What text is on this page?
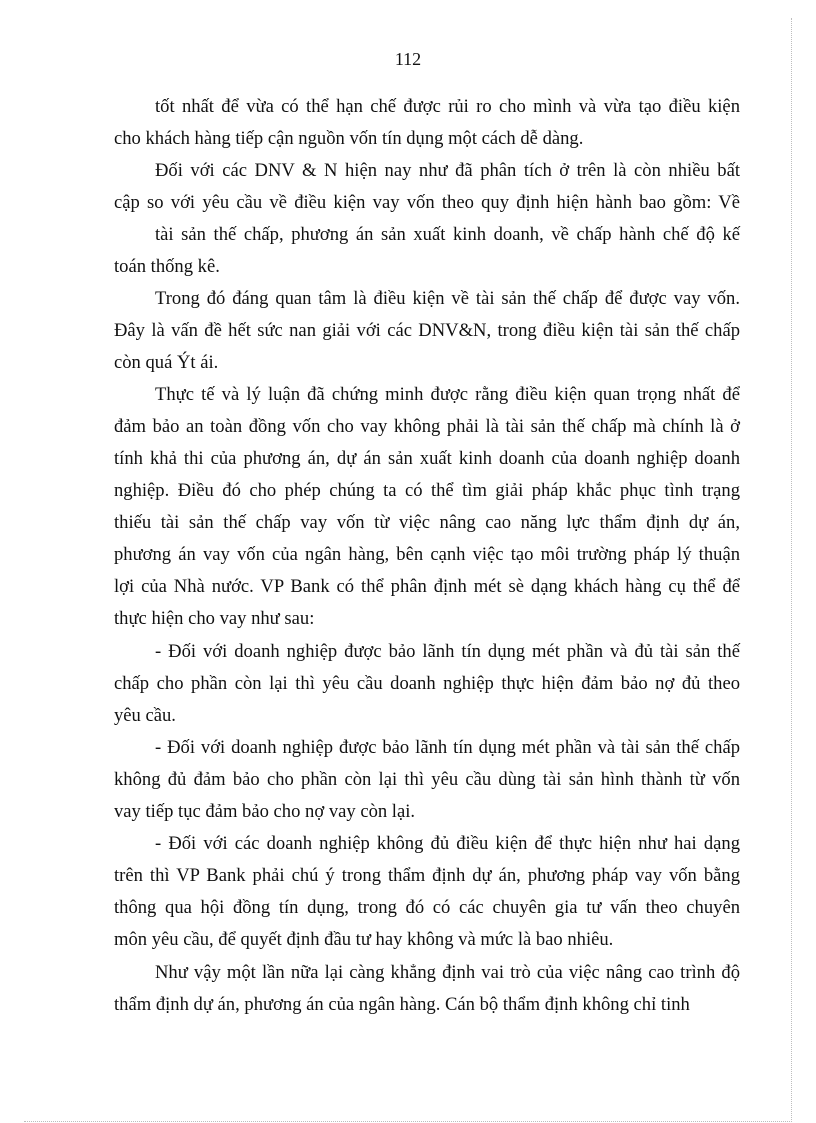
112
tốt nhất để vừa có thể hạn chế được rủi ro cho mình và vừa tạo điều kiện
cho khách hàng tiếp cận nguồn vốn tín dụng một cách dễ dàng.
Đối với các DNV & N hiện nay như đã phân tích ở trên là còn nhiều bất
cập so với yêu cầu về điều kiện vay vốn theo quy định hiện hành bao gồm: Về
tài sản thế chấp, phương án sản xuất kinh doanh, về chấp hành chế độ kế
toán thống kê.
Trong đó đáng quan tâm là điều kiện về tài sản thế chấp để được vay vốn.
Đây là vấn đề hết sức nan giải với các DNV&N, trong điều kiện tài sản thế chấp
còn quá Ýt ái.
Thực tế và lý luận đã chứng minh được rằng điều kiện quan trọng nhất để
đảm bảo an toàn đồng vốn cho vay không phải là tài sản thế chấp mà chính là ở
tính khả thi của phương án, dự án sản xuất kinh doanh của doanh nghiệp doanh
nghiệp. Điều đó cho phép chúng ta có thể tìm giải pháp khắc phục tình trạng
thiếu tài sản thế chấp vay vốn từ việc nâng cao năng lực thẩm định dự án,
phương án vay vốn của ngân hàng, bên cạnh việc tạo môi trường pháp lý thuận
lợi của Nhà nước. VP Bank có thể phân định mét sè dạng khách hàng cụ thể để
thực hiện cho vay như sau:
- Đối với doanh nghiệp được bảo lãnh tín dụng mét phần và đủ tài sản thế
chấp cho phần còn lại thì yêu cầu doanh nghiệp thực hiện đảm bảo nợ đủ theo
yêu cầu.
- Đối với doanh nghiệp được bảo lãnh tín dụng mét phần và tài sản thế chấp
không đủ đảm bảo cho phần còn lại thì yêu cầu dùng tài sản hình thành từ vốn
vay tiếp tục đảm bảo cho nợ vay còn lại.
- Đối với các doanh nghiệp không đủ điều kiện để thực hiện như hai dạng
trên thì VP Bank phải chú ý trong thẩm định dự án, phương pháp vay vốn bằng
thông qua hội đồng tín dụng, trong đó có các chuyên gia tư vấn theo chuyên
môn yêu cầu, để quyết định đầu tư hay không và mức là bao nhiêu.
Như vậy một lần nữa lại càng khẳng định vai trò của việc nâng cao trình độ
thẩm định dự án, phương án của ngân hàng. Cán bộ thẩm định không chỉ tinh
